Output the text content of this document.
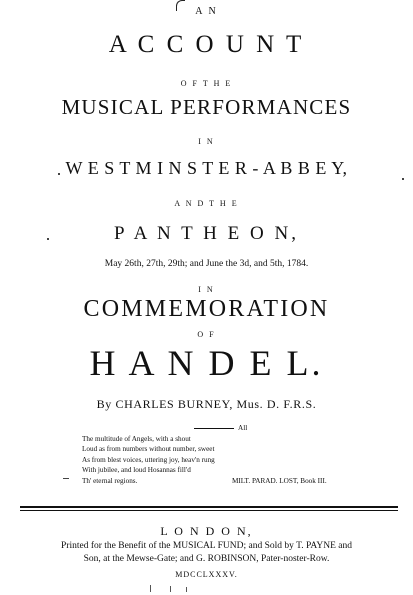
A N
A C C O U N T
O F T H E
MUSICAL PERFORMANCES
I N
W E S T M I N S T E R - A B B E Y,
A N D T H E
P A N T H E O N,
May 26th, 27th, 29th; and June the 3d, and 5th, 1784.
I N
COMMEMORATION
O F
H A N D E L.
By CHARLES BURNEY, Mus. D. F.R.S.
All
The multitude of Angels, with a shout
Loud as from numbers without number, sweet
As from blest voices, uttering joy, heav'n rung
With jubilee, and loud Hosannas fill'd
Th' eternal regions.	MILT. PARAD. LOST, Book III.
L O N D O N,
Printed for the Benefit of the MUSICAL FUND; and Sold by T. PAYNE and
Son, at the Mewse-Gate; and G. ROBINSON, Pater-noster-Row.
MDCCLXXXV.
